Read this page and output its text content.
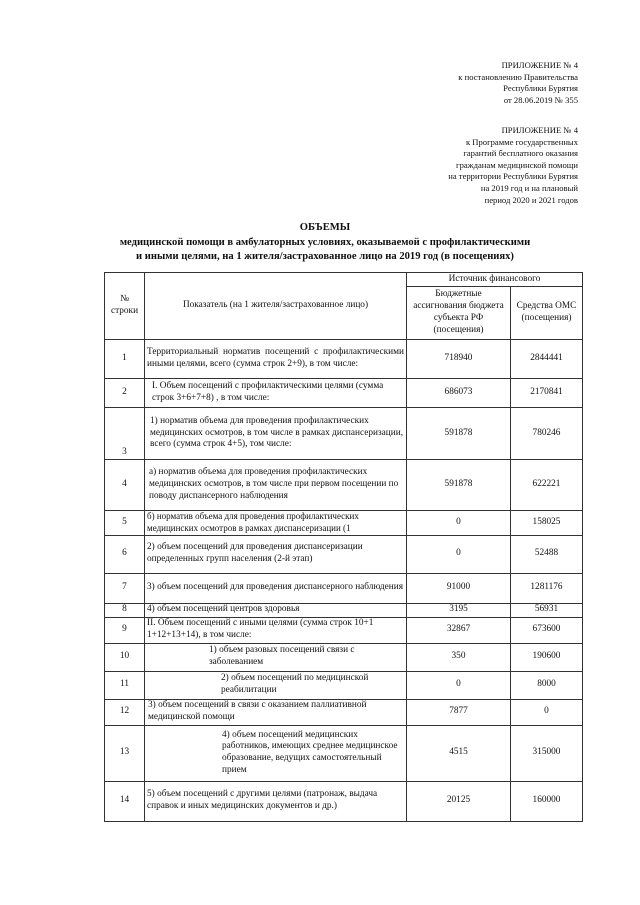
ПРИЛОЖЕНИЕ № 4
к постановлению Правительства
Республики Бурятия
от 28.06.2019 № 355
ПРИЛОЖЕНИЕ № 4
к Программе государственных
гарантий бесплатного оказания
гражданам медицинской помощи
на территории Республики Бурятия
на 2019 год и на плановый
период 2020 и 2021 годов
ОБЪЕМЫ
медицинской помощи в амбулаторных условиях, оказываемой с профилактическими
и иными целями, на 1 жителя/застрахованное лицо на 2019 год (в посещениях)
№ строки	Показатель (на 1 жителя/застрахованное лицо)	Источник финансового	
		Бюджетные ассигнования бюджета субъекта РФ (посещения)	Средства ОМС (посещения)
1	Территориальный норматив посещений с профилактическими иными целями, всего (сумма строк 2+9), в том числе:	718940	2844441
2	I. Объем посещений с профилактическими целями (сумма строк 3+6+7+8) , в том числе:	686073	2170841
3	1) норматив объема для проведения профилактических медицинских осмотров, в том числе в рамках диспансеризации, всего (сумма строк 4+5), том числе:	591878	780246
4	а) норматив объема для проведения профилактических медицинских осмотров, в том числе при первом посещении по поводу диспансерного наблюдения	591878	622221
5	б) норматив объема для проведения профилактических медицинских осмотров в рамках диспансеризации (1	0	158025
6	2) объем посещений для проведения диспансеризации определенных групп населения (2-й этап)	0	52488
7	3) объем посещений для проведения диспансерного наблюдения	91000	1281176
8	4) объем посещений центров здоровья	3195	56931
9	II. Объем посещений с иными целями (сумма строк 10+1 1+12+13+14), в том числе:	32867	673600
10	1) объем разовых посещений связи с заболеванием	350	190600
11	2) объем посещений по медицинской реабилитации	0	8000
12	3) объем посещений в связи с оказанием паллиативной медицинской помощи	7877	0
13	4) объем посещений медицинских работников, имеющих среднее медицинское образование, ведущих самостоятельный прием	4515	315000
14	5) объем посещений с другими целями (патронаж, выдача справок и иных медицинских документов и др.)	20125	160000
